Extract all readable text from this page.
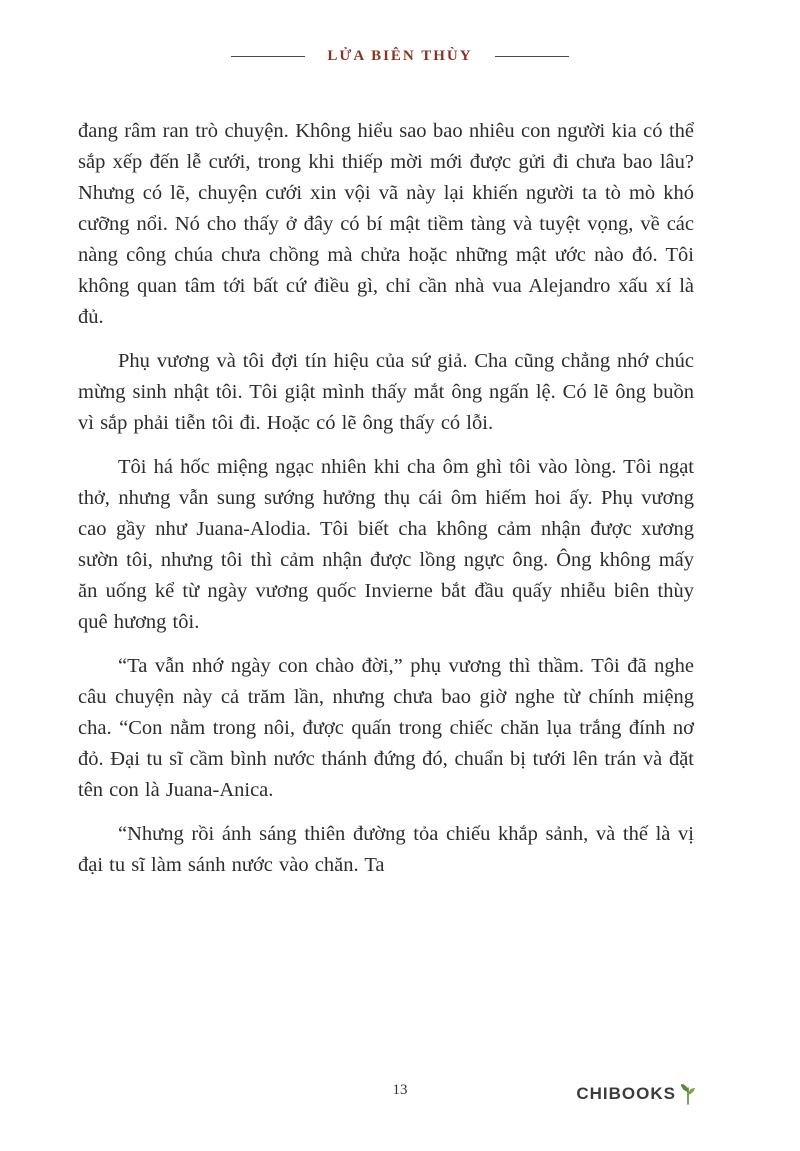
LỬA BIÊN THÙY

đang râm ran trò chuyện. Không hiểu sao bao nhiêu con người kia có thể sắp xếp đến lễ cưới, trong khi thiếp mời mới được gửi đi chưa bao lâu? Nhưng có lẽ, chuyện cưới xin vội vã này lại khiến người ta tò mò khó cưỡng nổi. Nó cho thấy ở đây có bí mật tiềm tàng và tuyệt vọng, về các nàng công chúa chưa chồng mà chửa hoặc những mật ước nào đó. Tôi không quan tâm tới bất cứ điều gì, chỉ cần nhà vua Alejandro xấu xí là đủ.

Phụ vương và tôi đợi tín hiệu của sứ giả. Cha cũng chẳng nhớ chúc mừng sinh nhật tôi. Tôi giật mình thấy mắt ông ngấn lệ. Có lẽ ông buồn vì sắp phải tiễn tôi đi. Hoặc có lẽ ông thấy có lỗi.

Tôi há hốc miệng ngạc nhiên khi cha ôm ghì tôi vào lòng. Tôi ngạt thở, nhưng vẫn sung sướng hưởng thụ cái ôm hiếm hoi ấy. Phụ vương cao gầy như Juana-Alodia. Tôi biết cha không cảm nhận được xương sườn tôi, nhưng tôi thì cảm nhận được lồng ngực ông. Ông không mấy ăn uống kể từ ngày vương quốc Invierne bắt đầu quấy nhiễu biên thùy quê hương tôi.

“Ta vẫn nhớ ngày con chào đời,” phụ vương thì thầm. Tôi đã nghe câu chuyện này cả trăm lần, nhưng chưa bao giờ nghe từ chính miệng cha. “Con nằm trong nôi, được quấn trong chiếc chăn lụa trắng đính nơ đỏ. Đại tu sĩ cầm bình nước thánh đứng đó, chuẩn bị tưới lên trán và đặt tên con là Juana-Anica.

“Nhưng rồi ánh sáng thiên đường tỏa chiếu khắp sảnh, và thế là vị đại tu sĩ làm sánh nước vào chăn. Ta

13	CHIBOOKS
